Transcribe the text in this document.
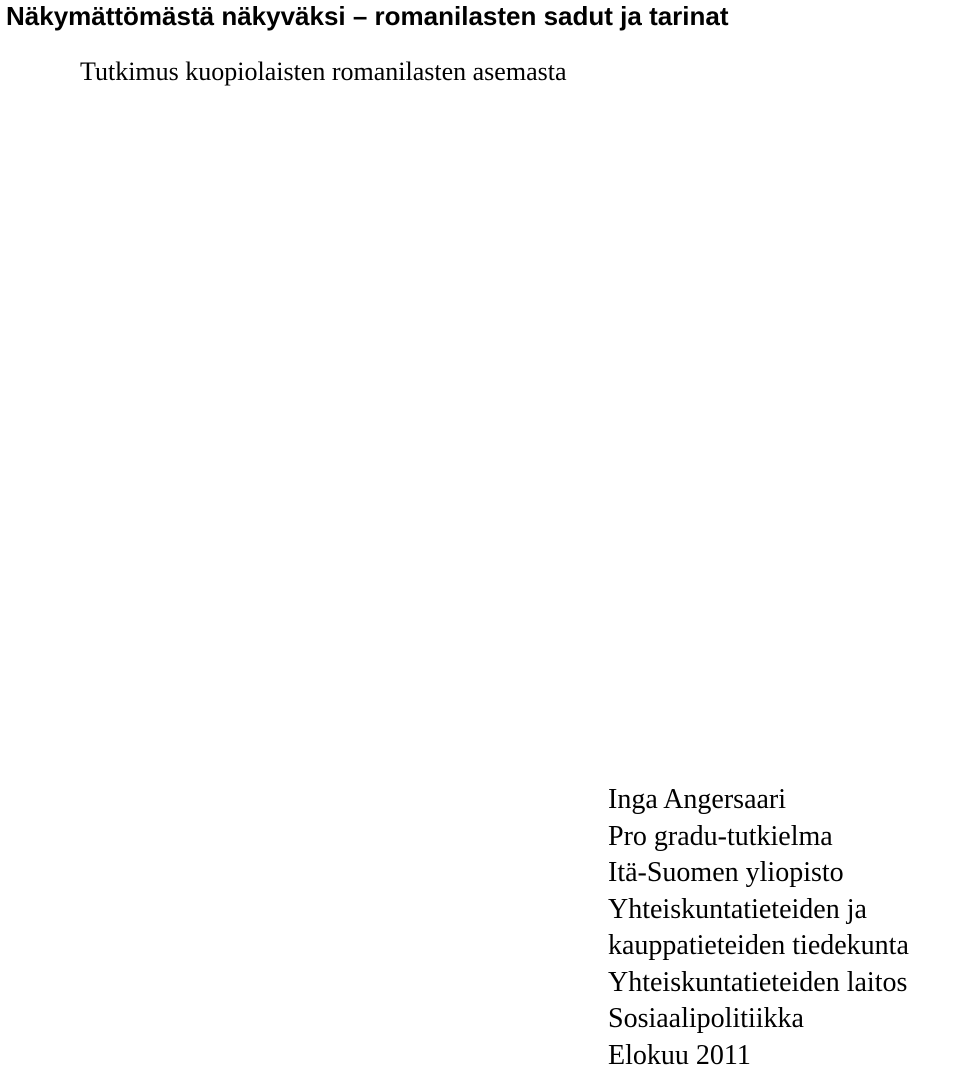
Näkymättömästä näkyväksi – romanilasten sadut ja tarinat
Tutkimus kuopiolaisten romanilasten asemasta
Inga Angersaari
Pro gradu-tutkielma
Itä-Suomen yliopisto
Yhteiskuntatieteiden ja
kauppatieteiden tiedekunta
Yhteiskuntatieteiden laitos
Sosiaalipolitiikka
Elokuu 2011
